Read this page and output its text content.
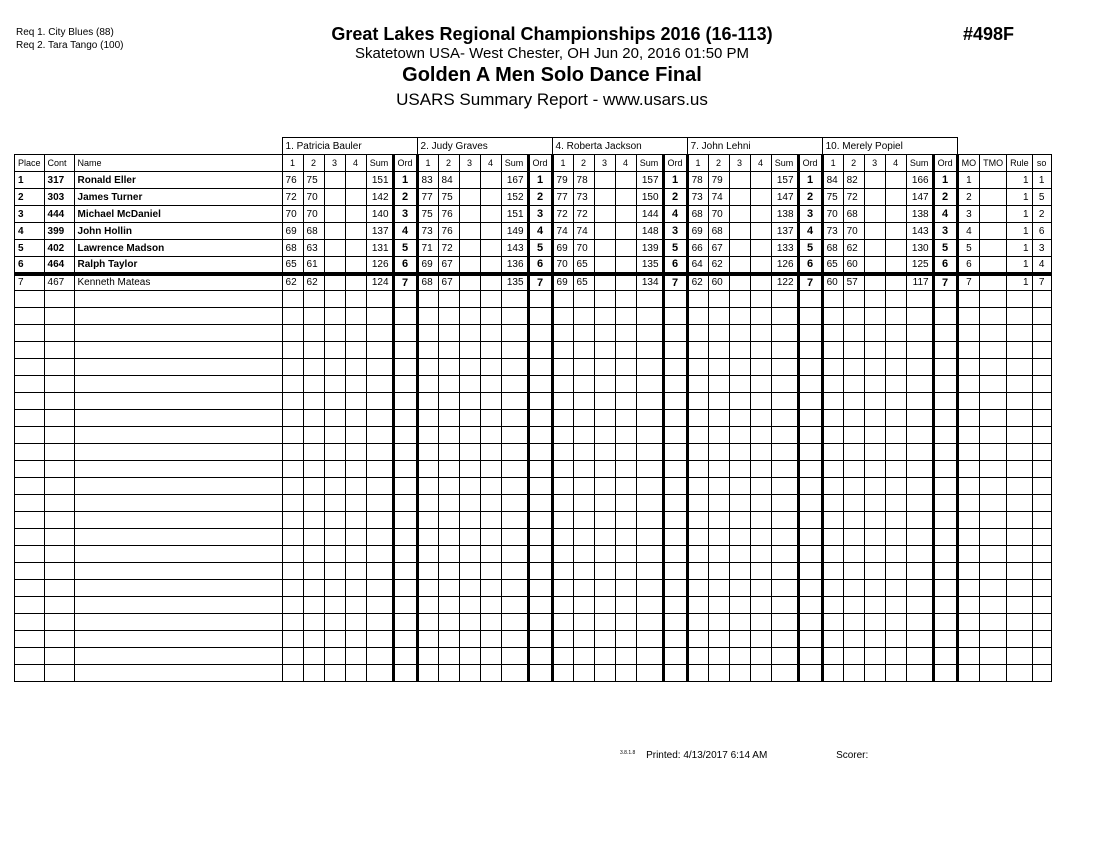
Req 1. City Blues (88)
Req 2. Tara Tango (100)
Great Lakes Regional Championships 2016 (16-113)
Skatetown USA- West Chester, OH Jun 20, 2016 01:50 PM
Golden A Men Solo Dance Final
USARS Summary Report - www.usars.us
#498F
			1. Patricia Bauler						2. Judy Graves						4. Roberta Jackson						7. John Lehni						10. Merely Popiel									
Place	Cont	Name	1	2	3	4	Sum	Ord	1	2	3	4	Sum	Ord	1	2	3	4	Sum	Ord	1	2	3	4	Sum	Ord	1	2	3	4	Sum	Ord	MO	TMO	Rule	so
1	317	Ronald Eller	76	75			151	1	83	84			167	1	79	78			157	1	78	79			157	1	84	82			166	1	1		1	1
2	303	James Turner	72	70			142	2	77	75			152	2	77	73			150	2	73	74			147	2	75	72			147	2	2		1	5
3	444	Michael McDaniel	70	70			140	3	75	76			151	3	72	72			144	4	68	70			138	3	70	68			138	4	3		1	2
4	399	John Hollin	69	68			137	4	73	76			149	4	74	74			148	3	69	68			137	4	73	70			143	3	4		1	6
5	402	Lawrence Madson	68	63			131	5	71	72			143	5	69	70			139	5	66	67			133	5	68	62			130	5	5		1	3
6	464	Ralph Taylor	65	61			126	6	69	67			136	6	70	65			135	6	64	62			126	6	65	60			125	6	6		1	4
7	467	Kenneth Mateas	62	62			124	7	68	67			135	7	69	65			134	7	62	60			122	7	60	57			117	7	7		1	7

$^{3.8.1.8}$ Printed: 4/13/2017 6:14 AM	Scorer:
